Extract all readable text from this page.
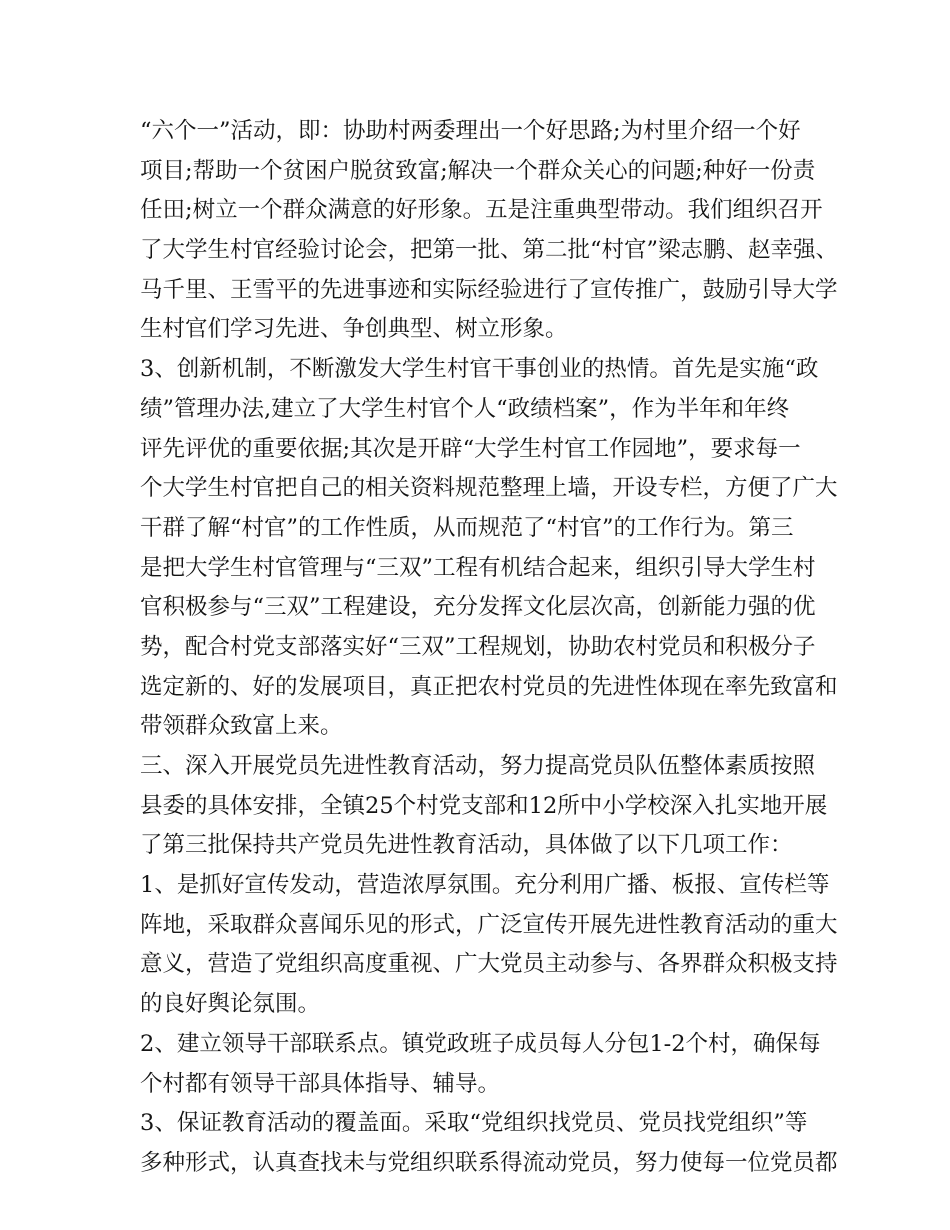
“六个一”活动，即：协助村两委理出一个好思路;为村里介绍一个好
项目;帮助一个贫困户脱贫致富;解决一个群众关心的问题;种好一份责
任田;树立一个群众满意的好形象。五是注重典型带动。我们组织召开
了大学生村官经验讨论会，把第一批、第二批“村官”梁志鹏、赵幸强、
马千里、王雪平的先进事迹和实际经验进行了宣传推广，鼓励引导大学
生村官们学习先进、争创典型、树立形象。
3、创新机制，不断激发大学生村官干事创业的热情。首先是实施“政
绩”管理办法,建立了大学生村官个人“政绩档案”，作为半年和年终
评先评优的重要依据;其次是开辟“大学生村官工作园地”，要求每一
个大学生村官把自己的相关资料规范整理上墙，开设专栏，方便了广大
干群了解“村官”的工作性质，从而规范了“村官”的工作行为。第三
是把大学生村官管理与“三双”工程有机结合起来，组织引导大学生村
官积极参与“三双”工程建设，充分发挥文化层次高，创新能力强的优
势，配合村党支部落实好“三双”工程规划，协助农村党员和积极分子
选定新的、好的发展项目，真正把农村党员的先进性体现在率先致富和
带领群众致富上来。
三、深入开展党员先进性教育活动，努力提高党员队伍整体素质按照
县委的具体安排，全镇25个村党支部和12所中小学校深入扎实地开展
了第三批保持共产党员先进性教育活动，具体做了以下几项工作：
1、是抓好宣传发动，营造浓厚氛围。充分利用广播、板报、宣传栏等
阵地，采取群众喜闻乐见的形式，广泛宣传开展先进性教育活动的重大
意义，营造了党组织高度重视、广大党员主动参与、各界群众积极支持
的良好舆论氛围。
2、建立领导干部联系点。镇党政班子成员每人分包1-2个村，确保每
个村都有领导干部具体指导、辅导。
3、保证教育活动的覆盖面。采取“党组织找党员、党员找党组织”等
多种形式，认真查找未与党组织联系得流动党员，努力使每一位党员都
